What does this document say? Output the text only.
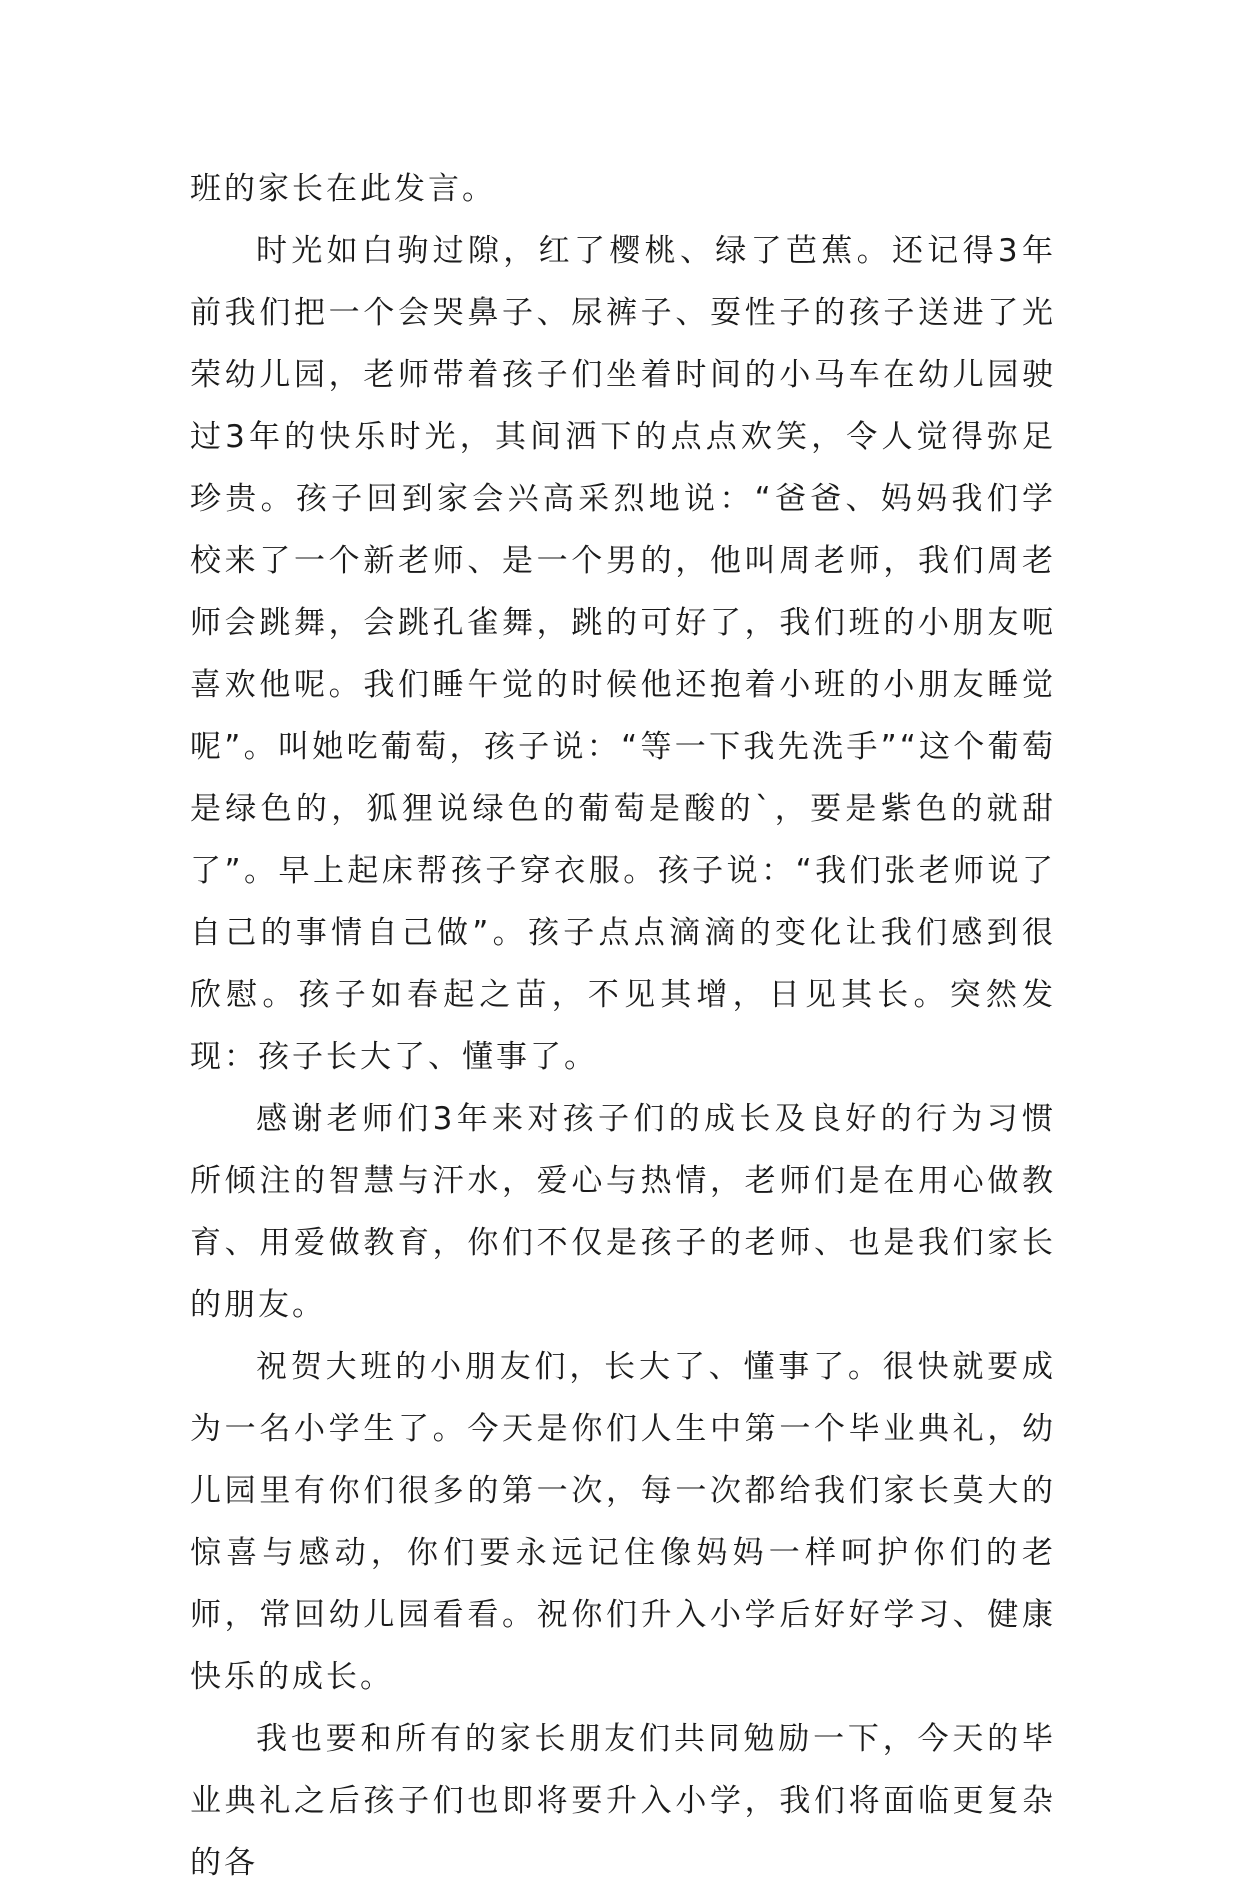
班的家长在此发言。

时光如白驹过隙，红了樱桃、绿了芭蕉。还记得3年前我们把一个会哭鼻子、尿裤子、耍性子的孩子送进了光荣幼儿园，老师带着孩子们坐着时间的小马车在幼儿园驶过3年的快乐时光，其间洒下的点点欢笑，令人觉得弥足珍贵。孩子回到家会兴高采烈地说：“爸爸、妈妈我们学校来了一个新老师、是一个男的，他叫周老师，我们周老师会跳舞，会跳孔雀舞，跳的可好了，我们班的小朋友呃喜欢他呢。我们睡午觉的时候他还抱着小班的小朋友睡觉呢”。叫她吃葡萄，孩子说：“等一下我先洗手”“这个葡萄是绿色的，狐狸说绿色的葡萄是酸的`，要是紫色的就甜了”。早上起床帮孩子穿衣服。孩子说：“我们张老师说了自己的事情自己做”。孩子点点滴滴的变化让我们感到很欣慰。孩子如春起之苗，不见其增，日见其长。突然发现：孩子长大了、懂事了。

感谢老师们3年来对孩子们的成长及良好的行为习惯所倾注的智慧与汗水，爱心与热情，老师们是在用心做教育、用爱做教育，你们不仅是孩子的老师、也是我们家长的朋友。

祝贺大班的小朋友们，长大了、懂事了。很快就要成为一名小学生了。今天是你们人生中第一个毕业典礼，幼儿园里有你们很多的第一次，每一次都给我们家长莫大的惊喜与感动，你们要永远记住像妈妈一样呵护你们的老师，常回幼儿园看看。祝你们升入小学后好好学习、健康快乐的成长。

我也要和所有的家长朋友们共同勉励一下，今天的毕业典礼之后孩子们也即将要升入小学，我们将面临更复杂的各
